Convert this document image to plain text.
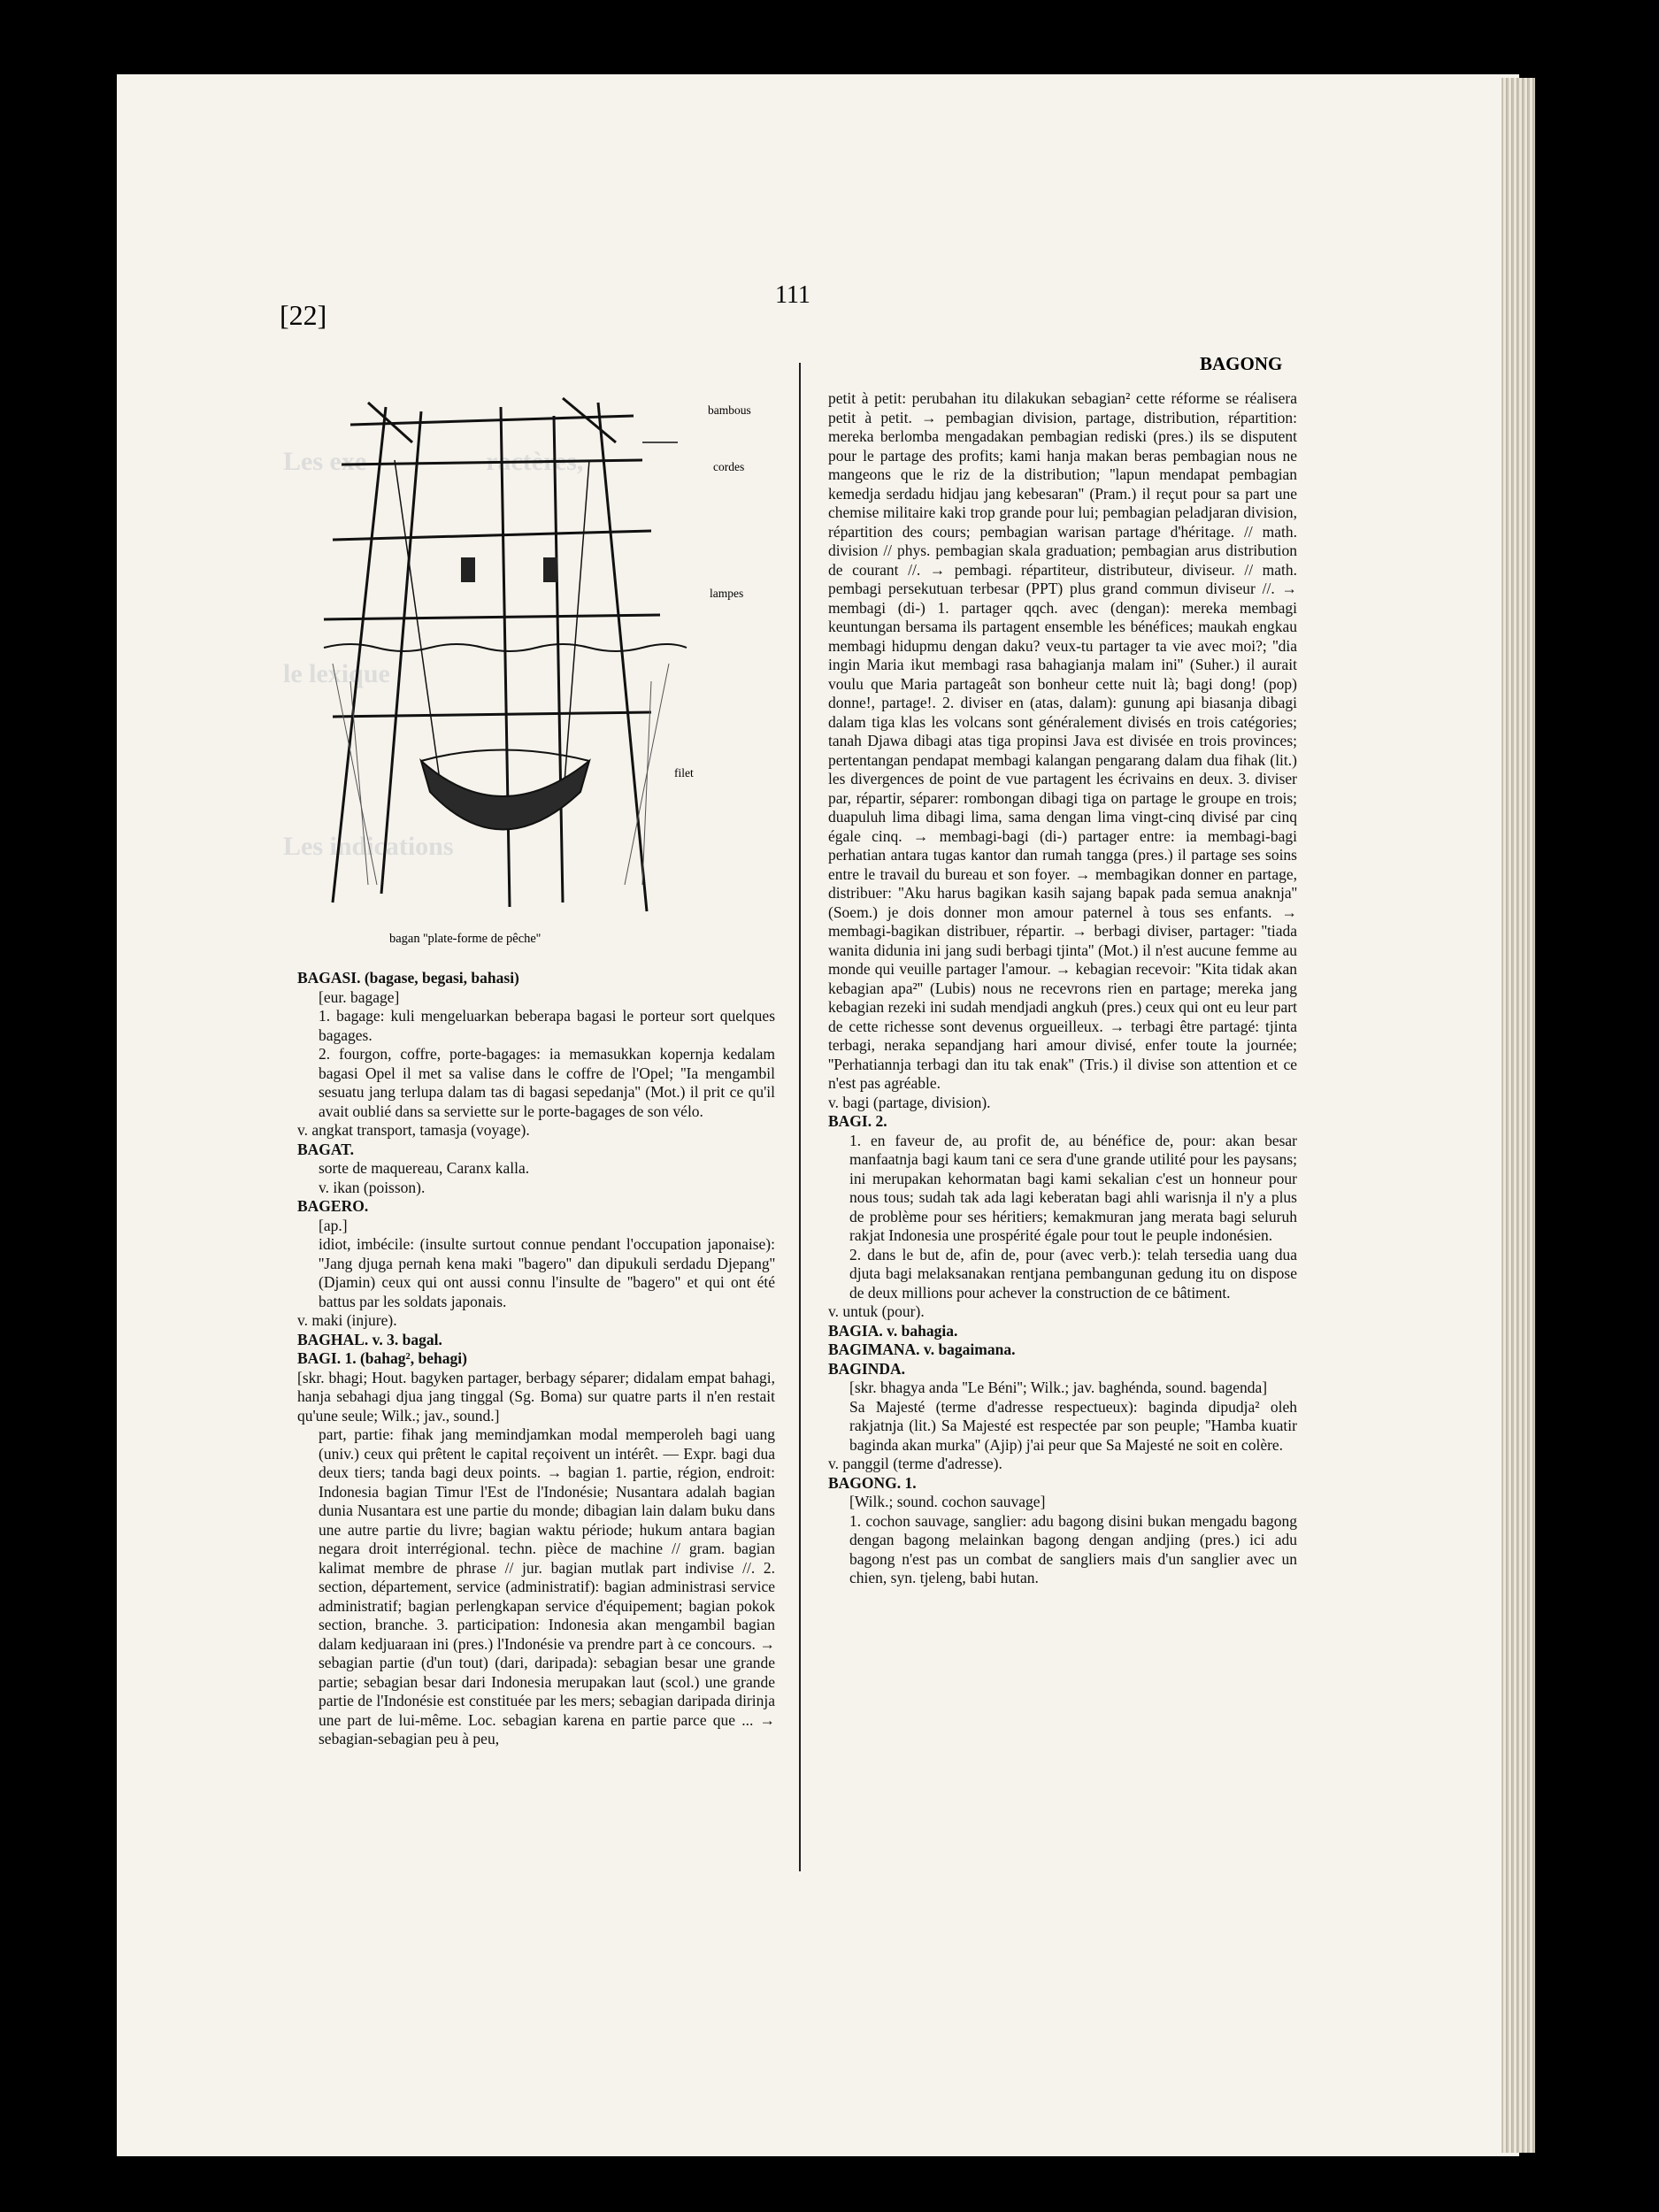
Les exe                  ractères,
le lexique
Les indications
[22]
111
BAGONG
bambous
cordes
lampes
filet
bagan ''plate-forme de pêche''

BAGASI. (bagase, begasi, bahasi)

[eur. bagage]

1. bagage: kuli mengeluarkan beberapa bagasi le porteur sort quelques bagages.

2. fourgon, coffre, porte-bagages: ia memasukkan kopernja kedalam bagasi Opel il met sa valise dans le coffre de l'Opel; ''Ia mengambil sesuatu jang terlupa dalam tas di bagasi sepedanja'' (Mot.) il prit ce qu'il avait oublié dans sa serviette sur le porte-bagages de son vélo.

v. angkat transport, tamasja (voyage).

BAGAT.

sorte de maquereau, Caranx kalla.

v. ikan (poisson).

BAGERO.

[ap.]

idiot, imbécile: (insulte surtout connue pendant l'occupation japonaise): ''Jang djuga pernah kena maki ''bagero'' dan dipukuli serdadu Djepang'' (Djamin) ceux qui ont aussi connu l'insulte de ''bagero'' et qui ont été battus par les soldats japonais.

v. maki (injure).

BAGHAL. v. 3. bagal.

BAGI. 1. (bahag², behagi)

[skr. bhagi; Hout. bagyken partager, berbagy séparer; didalam empat bahagi, hanja sebahagi djua jang tinggal (Sg. Boma) sur quatre parts il n'en restait qu'une seule; Wilk.; jav., sound.]

part, partie: fihak jang memindjamkan modal memperoleh bagi uang (univ.) ceux qui prêtent le capital reçoivent un intérêt. — Expr. bagi dua deux tiers; tanda bagi deux points. → bagian 1. partie, région, endroit: Indonesia bagian Timur l'Est de l'Indonésie; Nusantara adalah bagian dunia Nusantara est une partie du monde; dibagian lain dalam buku dans une autre partie du livre; bagian waktu période; hukum antara bagian negara droit interrégional. techn. pièce de machine // gram. bagian kalimat membre de phrase // jur. bagian mutlak part indivise //. 2. section, département, service (administratif): bagian administrasi service administratif; bagian perlengkapan service d'équipement; bagian pokok section, branche. 3. participation: Indonesia akan mengambil bagian dalam kedjuaraan ini (pres.) l'Indonésie va prendre part à ce concours. → sebagian partie (d'un tout) (dari, daripada): sebagian besar une grande partie; sebagian besar dari Indonesia merupakan laut (scol.) une grande partie de l'Indonésie est constituée par les mers; sebagian daripada dirinja une part de lui-même. Loc. sebagian karena en partie parce que ... → sebagian-sebagian peu à peu,

petit à petit: perubahan itu dilakukan sebagian² cette réforme se réalisera petit à petit. → pembagian division, partage, distribution, répartition: mereka berlomba mengadakan pembagian rediski (pres.) ils se disputent pour le partage des profits; kami hanja makan beras pembagian nous ne mangeons que le riz de la distribution; ''lapun mendapat pembagian kemedja serdadu hidjau jang kebesaran'' (Pram.) il reçut pour sa part une chemise militaire kaki trop grande pour lui; pembagian peladjaran division, répartition des cours; pembagian warisan partage d'héritage. // math. division // phys. pembagian skala graduation; pembagian arus distribution de courant //. → pembagi. répartiteur, distributeur, diviseur. // math. pembagi persekutuan terbesar (PPT) plus grand commun diviseur //. → membagi (di-) 1. partager qqch. avec (dengan): mereka membagi keuntungan bersama ils partagent ensemble les bénéfices; maukah engkau membagi hidupmu dengan daku? veux-tu partager ta vie avec moi?; ''dia ingin Maria ikut membagi rasa bahagianja malam ini'' (Suher.) il aurait voulu que Maria partageât son bonheur cette nuit là; bagi dong! (pop) donne!, partage!. 2. diviser en (atas, dalam): gunung api biasanja dibagi dalam tiga klas les volcans sont généralement divisés en trois catégories; tanah Djawa dibagi atas tiga propinsi Java est divisée en trois provinces; pertentangan pendapat membagi kalangan pengarang dalam dua fihak (lit.) les divergences de point de vue partagent les écrivains en deux. 3. diviser par, répartir, séparer: rombongan dibagi tiga on partage le groupe en trois; duapuluh lima dibagi lima, sama dengan lima vingt-cinq divisé par cinq égale cinq. → membagi-bagi (di-) partager entre: ia membagi-bagi perhatian antara tugas kantor dan rumah tangga (pres.) il partage ses soins entre le travail du bureau et son foyer. → membagikan donner en partage, distribuer: ''Aku harus bagikan kasih sajang bapak pada semua anaknja'' (Soem.) je dois donner mon amour paternel à tous ses enfants. → membagi-bagikan distribuer, répartir. → berbagi diviser, partager: ''tiada wanita didunia ini jang sudi berbagi tjinta'' (Mot.) il n'est aucune femme au monde qui veuille partager l'amour. → kebagian recevoir: ''Kita tidak akan kebagian apa²'' (Lubis) nous ne recevrons rien en partage; mereka jang kebagian rezeki ini sudah mendjadi angkuh (pres.) ceux qui ont eu leur part de cette richesse sont devenus orgueilleux. → terbagi être partagé: tjinta terbagi, neraka sepandjang hari amour divisé, enfer toute la journée; ''Perhatiannja terbagi dan itu tak enak'' (Tris.) il divise son attention et ce n'est pas agréable.

v. bagi (partage, division).

BAGI. 2.

1. en faveur de, au profit de, au bénéfice de, pour: akan besar manfaatnja bagi kaum tani ce sera d'une grande utilité pour les paysans; ini merupakan kehormatan bagi kami sekalian c'est un honneur pour nous tous; sudah tak ada lagi keberatan bagi ahli warisnja il n'y a plus de problème pour ses héritiers; kemakmuran jang merata bagi seluruh rakjat Indonesia une prospérité égale pour tout le peuple indonésien.

2. dans le but de, afin de, pour (avec verb.): telah tersedia uang dua djuta bagi melaksanakan rentjana pembangunan gedung itu on dispose de deux millions pour achever la construction de ce bâtiment.

v. untuk (pour).

BAGIA. v. bahagia.

BAGIMANA. v. bagaimana.

BAGINDA.

[skr. bhagya anda ''Le Béni''; Wilk.; jav. baghénda, sound. bagenda]

Sa Majesté (terme d'adresse respectueux): baginda dipudja² oleh rakjatnja (lit.) Sa Majesté est respectée par son peuple; ''Hamba kuatir baginda akan murka'' (Ajip) j'ai peur que Sa Majesté ne soit en colère.

v. panggil (terme d'adresse).

BAGONG. 1.

[Wilk.; sound. cochon sauvage]

1. cochon sauvage, sanglier: adu bagong disini bukan mengadu bagong dengan bagong melainkan bagong dengan andjing (pres.) ici adu bagong n'est pas un combat de sangliers mais d'un sanglier avec un chien, syn. tjeleng, babi hutan.
